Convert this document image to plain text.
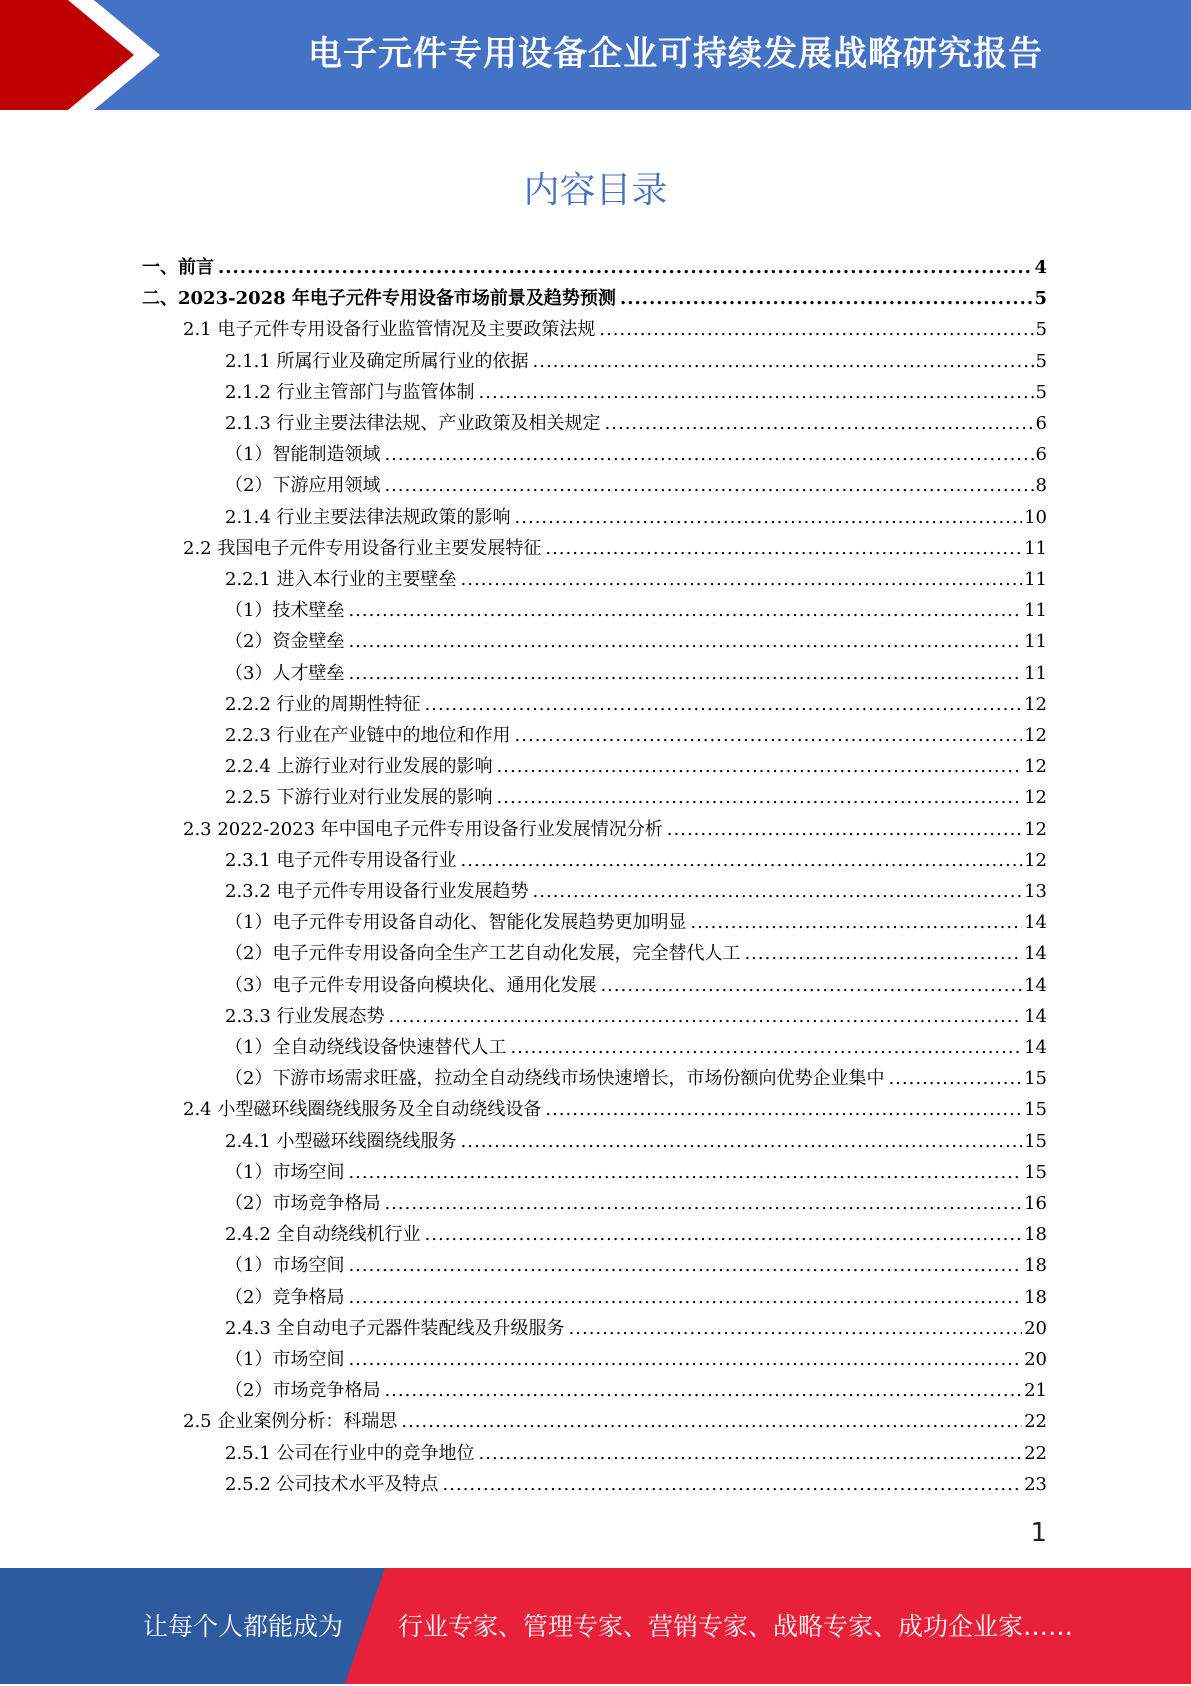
电子元件专用设备企业可持续发展战略研究报告
内容目录
一、前言 .....	4
二、2023-2028 年电子元件专用设备市场前景及趋势预测 .....	5
2.1 电子元件专用设备行业监管情况及主要政策法规 .....	5
2.1.1 所属行业及确定所属行业的依据 .....	5
2.1.2 行业主管部门与监管体制 .....	5
2.1.3 行业主要法律法规、产业政策及相关规定 .....	6
（1）智能制造领域 .....	6
（2）下游应用领域 .....	8
2.1.4 行业主要法律法规政策的影响 .....	10
2.2 我国电子元件专用设备行业主要发展特征 .....	11
2.2.1 进入本行业的主要壁垒 .....	11
（1）技术壁垒 .....	11
（2）资金壁垒 .....	11
（3）人才壁垒 .....	11
2.2.2 行业的周期性特征 .....	12
2.2.3 行业在产业链中的地位和作用 .....	12
2.2.4 上游行业对行业发展的影响 .....	12
2.2.5 下游行业对行业发展的影响 .....	12
2.3 2022-2023 年中国电子元件专用设备行业发展情况分析 .....	12
2.3.1 电子元件专用设备行业 .....	12
2.3.2 电子元件专用设备行业发展趋势 .....	13
（1）电子元件专用设备自动化、智能化发展趋势更加明显 .....	14
（2）电子元件专用设备向全生产工艺自动化发展，完全替代人工 .....	14
（3）电子元件专用设备向模块化、通用化发展 .....	14
2.3.3 行业发展态势 .....	14
（1）全自动绕线设备快速替代人工 .....	14
（2）下游市场需求旺盛，拉动全自动绕线市场快速增长，市场份额向优势企业集中 .....	15
2.4 小型磁环线圈绕线服务及全自动绕线设备 .....	15
2.4.1 小型磁环线圈绕线服务 .....	15
（1）市场空间 .....	15
（2）市场竞争格局 .....	16
2.4.2 全自动绕线机行业 .....	18
（1）市场空间 .....	18
（2）竞争格局 .....	18
2.4.3 全自动电子元器件装配线及升级服务 .....	20
（1）市场空间 .....	20
（2）市场竞争格局 .....	21
2.5 企业案例分析：科瑞思 .....	22
2.5.1 公司在行业中的竞争地位 .....	22
2.5.2 公司技术水平及特点 .....	23
1
让每个人都能成为 行业专家、管理专家、营销专家、战略专家、成功企业家……
